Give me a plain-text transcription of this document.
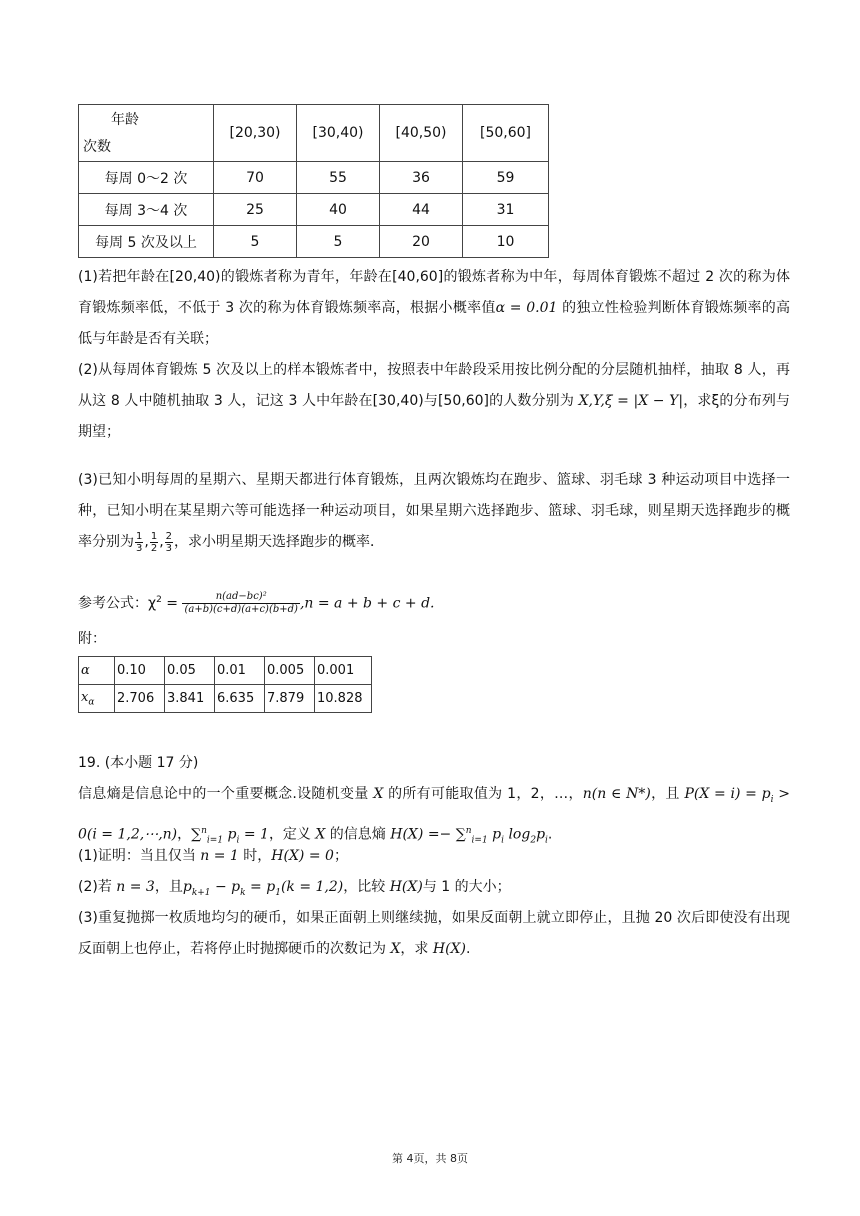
年龄
次数	[20,30)	[30,40)	[40,50)	[50,60]
每周 0～2 次	70	55	36	59
每周 3～4 次	25	40	44	31
每周 5 次及以上	5	5	20	10
(1)若把年龄在[20,40)的锻炼者称为青年，年龄在[40,60]的锻炼者称为中年，每周体育锻炼不超过 2 次的称为体育锻炼频率低，不低于 3 次的称为体育锻炼频率高，根据小概率值α = 0.01 的独立性检验判断体育锻炼频率的高低与年龄是否有关联；
(2)从每周体育锻炼 5 次及以上的样本锻炼者中，按照表中年龄段采用按比例分配的分层随机抽样，抽取 8 人，再从这 8 人中随机抽取 3 人，记这 3 人中年龄在[30,40)与[50,60]的人数分别为 X,Y,ξ = |X − Y|，求ξ的分布列与期望；
(3)已知小明每周的星期六、星期天都进行体育锻炼，且两次锻炼均在跑步、篮球、羽毛球 3 种运动项目中选择一种，已知小明在某星期六等可能选择一种运动项目，如果星期六选择跑步、篮球、羽毛球，则星期天选择跑步的概率分别为 $\frac{1}{3}$ , $\frac{1}{2}$ , $\frac{2}{3}$ ，求小明星期天选择跑步的概率．
参考公式：$\chi^2 = \frac{\text{n(ad−bc)²}}{(a+b)(c+d)(a+c)(b+d)} ,n = a + b + c + d$.
附：
α	0.10	0.05	0.01	0.005	0.001
$x_\alpha$	2.706	3.841	6.635	7.879	10.828
19. (本小题 17 分)
信息熵是信息论中的一个重要概念.设随机变量 X 的所有可能取值为 1，2，…，n(n ∈ N*)，且 $P(X = i) = p_i > 0(i$ = 1,2,⋯,n)，∑$^n_{i=1}$ $p_i = 1$，定义 X 的信息熵 H(X) =− ∑$^n_{i=1}$ $p_i$ $\log_2p_i$.
(1)证明：当且仅当 n = 1 时，H(X) = 0；
(2)若 n = 3，且$p_{k+1} - p_k = p_1(k = 1,2)$，比较 H(X)与 1 的大小；
(3)重复抛掷一枚质地均匀的硬币，如果正面朝上则继续抛，如果反面朝上就立即停止，且抛 20 次后即使没有出现反面朝上也停止，若将停止时抛掷硬币的次数记为 X，求 H(X).
第 4页，共 8页
